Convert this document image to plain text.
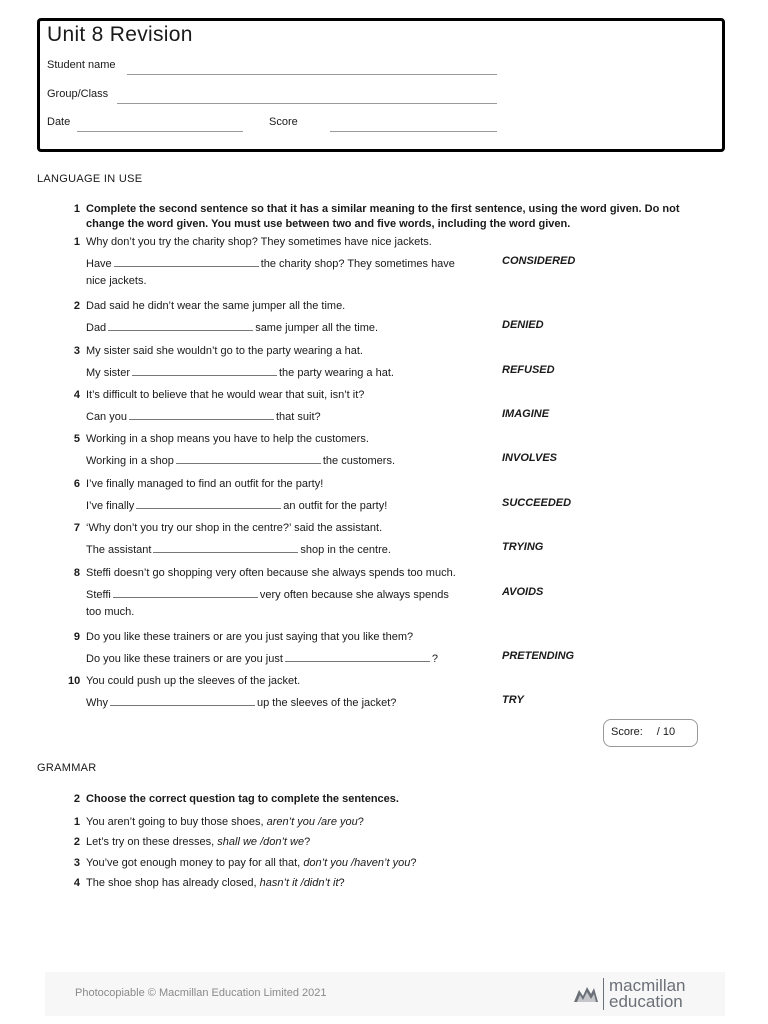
Unit 8 Revision
Student name
Group/Class
Date	Score
LANGUAGE IN USE
1 Complete the second sentence so that it has a similar meaning to the first sentence, using the word given. Do not change the word given. You must use between two and five words, including the word given.
1 Why don’t you try the charity shop? They sometimes have nice jackets.
Have	the charity shop? They sometimes have
nice jackets.
CONSIDERED
2 Dad said he didn’t wear the same jumper all the time.
Dad	same jumper all the time.	DENIED
3 My sister said she wouldn’t go to the party wearing a hat.
My sister	the party wearing a hat.	REFUSED
4 It’s difficult to believe that he would wear that suit, isn’t it?
Can you	that suit?	IMAGINE
5 Working in a shop means you have to help the customers.
Working in a shop	the customers.	INVOLVES
6 I’ve finally managed to find an outfit for the party!
I’ve finally	an outfit for the party!	SUCCEEDED
7 ‘Why don’t you try our shop in the centre?’ said the assistant.
The assistant	shop in the centre.	TRYING
8 Steffi doesn’t go shopping very often because she always spends too much.
Steffi	very often because she always spends
too much.
AVOIDS
9 Do you like these trainers or are you just saying that you like them?
Do you like these trainers or are you just	?	PRETENDING
10 You could push up the sleeves of the jacket.
Why	up the sleeves of the jacket?	TRY
Score: / 10
GRAMMAR
2 Choose the correct question tag to complete the sentences.
1 You aren’t going to buy those shoes, aren’t you /are you?
2 Let’s try on these dresses, shall we /don’t we?
3 You’ve got enough money to pay for all that, don’t you /haven’t you?
4 The shoe shop has already closed, hasn’t it /didn’t it?
Photocopiable © Macmillan Education Limited 2021	macmillan
education
